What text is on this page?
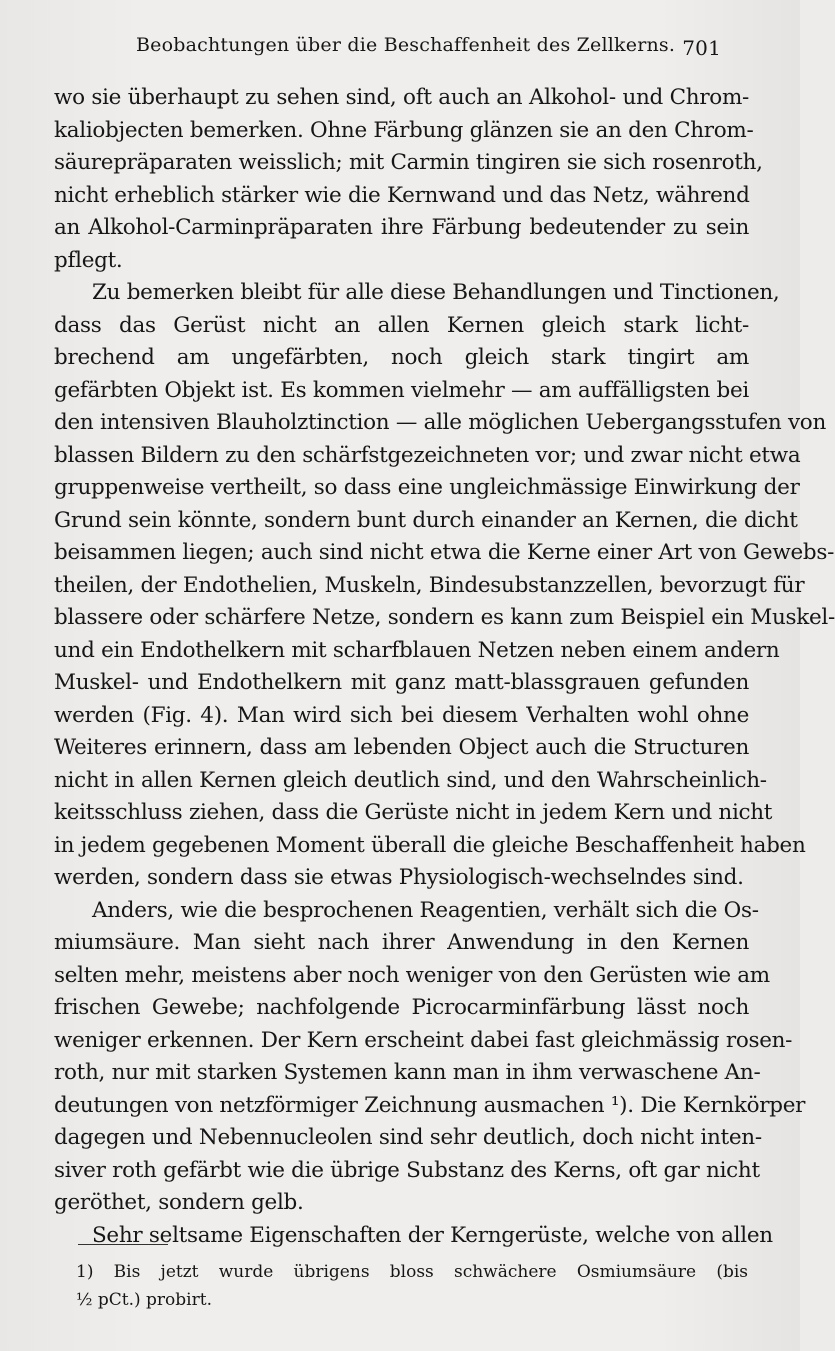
Beobachtungen über die Beschaffenheit des Zellkerns. 701
wo sie überhaupt zu sehen sind, oft auch an Alkohol- und Chrom-
kaliobjecten bemerken. Ohne Färbung glänzen sie an den Chrom-
säurepräparaten weisslich; mit Carmin tingiren sie sich rosenroth,
nicht erheblich stärker wie die Kernwand und das Netz, während
an Alkohol-Carminpräparaten ihre Färbung bedeutender zu sein
pflegt.
Zu bemerken bleibt für alle diese Behandlungen und Tinctionen,
dass das Gerüst nicht an allen Kernen gleich stark licht-
brechend am ungefärbten, noch gleich stark tingirt am
gefärbten Objekt ist. Es kommen vielmehr — am auffälligsten bei
den intensiven Blauholztinction — alle möglichen Uebergangsstufen von
blassen Bildern zu den schärfstgezeichneten vor; und zwar nicht etwa
gruppenweise vertheilt, so dass eine ungleichmässige Einwirkung der
Grund sein könnte, sondern bunt durch einander an Kernen, die dicht
beisammen liegen; auch sind nicht etwa die Kerne einer Art von Gewebs-
theilen, der Endothelien, Muskeln, Bindesubstanzzellen, bevorzugt für
blassere oder schärfere Netze, sondern es kann zum Beispiel ein Muskel-
und ein Endothelkern mit scharfblauen Netzen neben einem andern
Muskel- und Endothelkern mit ganz matt-blassgrauen gefunden
werden (Fig. 4). Man wird sich bei diesem Verhalten wohl ohne
Weiteres erinnern, dass am lebenden Object auch die Structuren
nicht in allen Kernen gleich deutlich sind, und den Wahrscheinlich-
keitsschluss ziehen, dass die Gerüste nicht in jedem Kern und nicht
in jedem gegebenen Moment überall die gleiche Beschaffenheit haben
werden, sondern dass sie etwas Physiologisch-wechselndes sind.
Anders, wie die besprochenen Reagentien, verhält sich die Os-
miumsäure. Man sieht nach ihrer Anwendung in den Kernen
selten mehr, meistens aber noch weniger von den Gerüsten wie am
frischen Gewebe; nachfolgende Picrocarminfärbung lässt noch
weniger erkennen. Der Kern erscheint dabei fast gleichmässig rosen-
roth, nur mit starken Systemen kann man in ihm verwaschene An-
deutungen von netzförmiger Zeichnung ausmachen ¹). Die Kernkörper
dagegen und Nebennucleolen sind sehr deutlich, doch nicht inten-
siver roth gefärbt wie die übrige Substanz des Kerns, oft gar nicht
geröthet, sondern gelb.
Sehr seltsame Eigenschaften der Kerngerüste, welche von allen
1) Bis jetzt wurde übrigens bloss schwächere Osmiumsäure (bis
½ pCt.) probirt.
